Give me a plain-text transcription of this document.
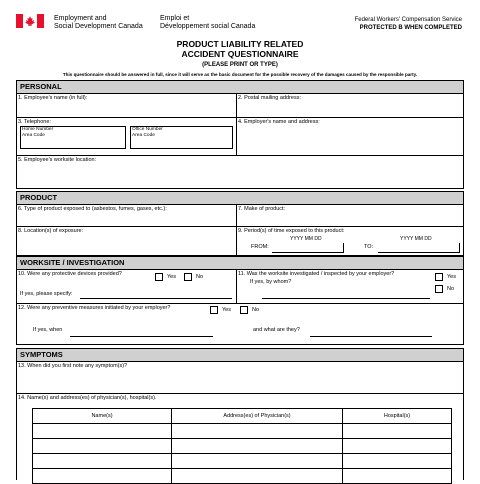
Employment and
Social Development Canada
Emploi et
Développement social Canada
Federal Workers' Compensation Service
PROTECTED B WHEN COMPLETED
PRODUCT LIABILITY RELATED
ACCIDENT QUESTIONNAIRE
(PLEASE PRINT OR TYPE)
This questionnaire should be answered in full, since it will serve as the basic document for the possible recovery of the damages caused by the responsible party.
PERSONAL
1. Employee's name (in full):	2. Postal mailing address:
3. Telephone:
Home Number
Area Code
Office Number
Area Code
4. Employer's name and address:
5. Employee's worksite location:
PRODUCT
6. Type of product exposed to (asbestos, fumes, gases, etc.):	7. Make of product:
8. Location(s) of exposure:	9. Period(s) of time exposed to this product:
YYYY MM DD	YYYY MM DD
FROM:	TO:
WORKSITE / INVESTIGATION
10. Were any protective devices provided?	Yes	No
If yes, please specify:
11. Was the worksite investigated / inspected by your employer?
If yes, by whom?
Yes
No
12. Were any preventive measures initiated by your employer?	Yes	No
If yes, when	and what are they?
SYMPTOMS
13. When did you first note any symptom(s)?
14. Name(s) and address(es) of physician(s), hospital(s).
Name(s)	Address(es) of Physician(s)	Hospital(s)
